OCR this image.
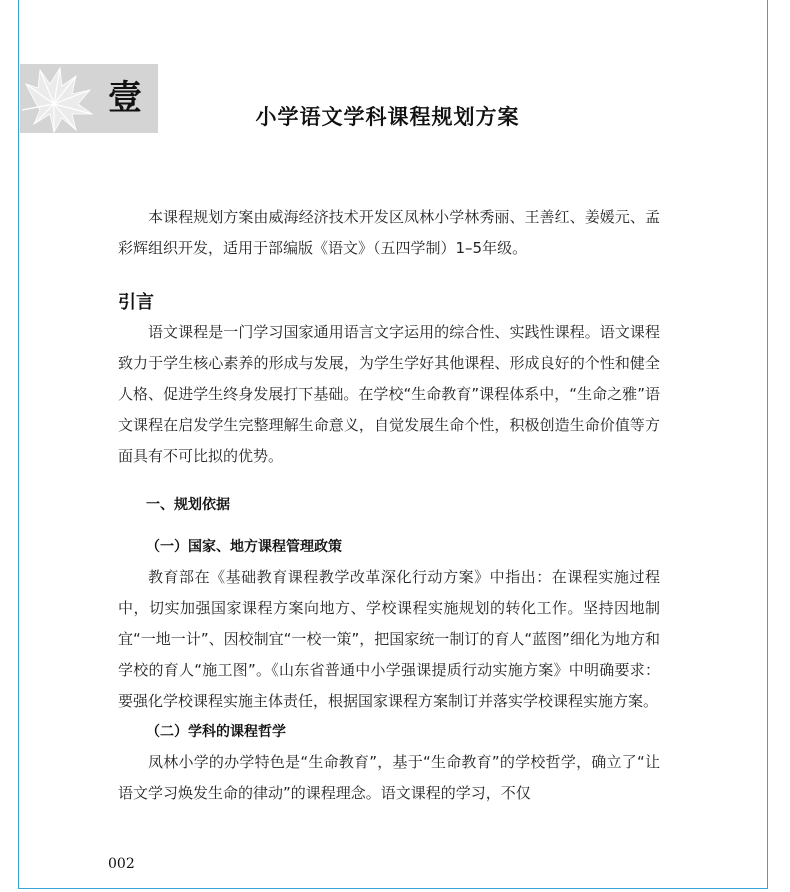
壹	小学语文学科课程规划方案

本课程规划方案由威海经济技术开发区凤林小学林秀丽、王善红、姜媛元、孟彩辉组织开发，适用于部编版《语文》（五四学制）1–5年级。

引言

语文课程是一门学习国家通用语言文字运用的综合性、实践性课程。语文课程致力于学生核心素养的形成与发展，为学生学好其他课程、形成良好的个性和健全人格、促进学生终身发展打下基础。在学校“生命教育”课程体系中，“生命之雅”语文课程在启发学生完整理解生命意义，自觉发展生命个性，积极创造生命价值等方面具有不可比拟的优势。

一、规划依据
（一）国家、地方课程管理政策

教育部在《基础教育课程教学改革深化行动方案》中指出：在课程实施过程中，切实加强国家课程方案向地方、学校课程实施规划的转化工作。坚持因地制宜“一地一计”、因校制宜“一校一策”，把国家统一制订的育人“蓝图”细化为地方和学校的育人“施工图”。《山东省普通中小学强课提质行动实施方案》中明确要求：要强化学校课程实施主体责任，根据国家课程方案制订并落实学校课程实施方案。

（二）学科的课程哲学

凤林小学的办学特色是“生命教育”，基于“生命教育”的学校哲学，确立了“让语文学习焕发生命的律动”的课程理念。语文课程的学习，不仅

002
